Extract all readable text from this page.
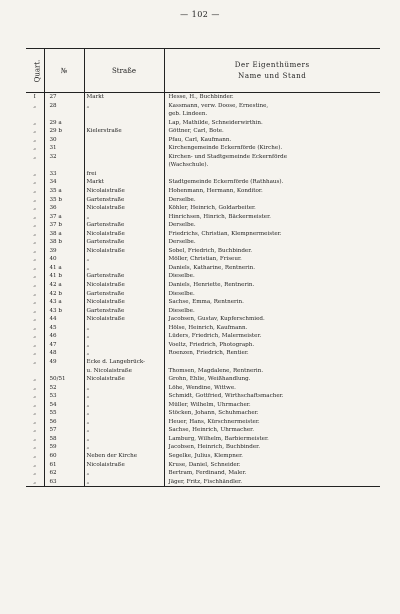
— 102 —
Quart.	№	Straße	Der Eigenthümers
Name und Stand

I	27	Markt	Hesse, H., Buchbinder.
„	28	„	Kassmann, verw. Doose, Ernestine,
			geb. Lindeen.
„	29 a		Lap, Mathilde, Schneiderwirthin.
„	29 b	Kielerstraße	Göttner, Carl, Bote.
„	30		Pfau, Carl, Kaufmann.
„	31		Kirchengemeinde Eckernförde (Kirche).
„	32		Kirchen- und Stadtgemeinde Eckernförde
			(Wachschule).
„	33	frei	
„	34	Markt	Stadtgemeinde Eckernförde (Rathhaus).
„	35 a	Nicolaistraße	Hohenmann, Hermann, Konditor.
„	35 b	Gartenstraße	Derselbe.
„	36	Nicolaistraße	Köhler, Heinrich, Goldarbeiter.
„	37 a	„	Hinrichsen, Hinrich, Bäckermeister.
„	37 b	Gartenstraße	Derselbe.
„	38 a	Nicolaistraße	Friedrichs, Christian, Klempnermeister.
„	38 b	Gartenstraße	Derselbe.
„	39	Nicolaistraße	Sobel, Friedrich, Buchbinder.
„	40	„	Möller, Christian, Friseur.
„	41 a	„	Daniels, Katharine, Rentnerin.
„	41 b	Gartenstraße	Dieselbe.
„	42 a	Nicolaistraße	Daniels, Henriette, Rentnerin.
„	42 b	Gartenstraße	Dieselbe.
„	43 a	Nicolaistraße	Sachse, Emma, Rentnerin.
„	43 b	Gartenstraße	Dieselbe.
„	44	Nicolaistraße	Jacobsen, Gustav, Kupferschmied.
„	45	„	Hölse, Heinrich, Kaufmann.
„	46	„	Lüders, Friedrich, Malermeister.
„	47	„	Voeltz, Friedrich, Photograph.
„	48	„	Roenzen, Friedrich, Rentier.
„	49	Ecke d. Langebrück-	
		u. Nicolaistraße	Thomsen, Magdalene, Rentnerin.
„	50/51	Nicolaistraße	Grohn, Ehlie, Weißhandlung.
„	52	„	Löhe, Wendine, Wittwe.
„	53	„	Schmidt, Gottfried, Wirthschaftsmacher.
„	54	„	Müller, Wilhelm, Uhrmacher.
„	55	„	Stöcken, Johann, Schuhmacher.
„	56	„	Heuer, Hans, Kürschnermeister.
„	57	„	Sachse, Heinrich, Uhrmacher.
„	58	„	Lamburg, Wilhelm, Barbiermeister.
„	59	„	Jacobsen, Heinrich, Buchbinder.
„	60	Neben der Kirche	Segelke, Julius, Klempner.
„	61	Nicolaistraße	Kruse, Daniel, Schneider.
„	62	„	Bertram, Ferdinand, Maler.
„	63	„	Jäger, Fritz, Fischhändler.
